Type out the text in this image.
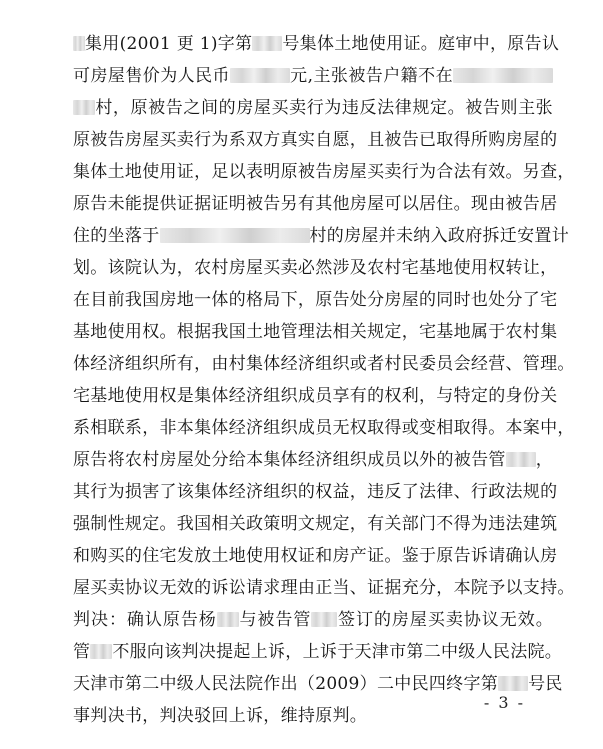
集用(2001 更 1)字第 号集体土地使用证。庭审中，原告认
可房屋售价为人民币	元,主张被告户籍不在
村，原被告之间的房屋买卖行为违反法律规定。被告则主张
原被告房屋买卖行为系双方真实自愿，且被告已取得所购房屋的
集体土地使用证，足以表明原被告房屋买卖行为合法有效。另查，
原告未能提供证据证明被告另有其他房屋可以居住。现由被告居
住的坐落于	村的房屋并未纳入政府拆迁安置计
划。该院认为，农村房屋买卖必然涉及农村宅基地使用权转让，
在目前我国房地一体的格局下，原告处分房屋的同时也处分了宅
基地使用权。根据我国土地管理法相关规定，宅基地属于农村集
体经济组织所有，由村集体经济组织或者村民委员会经营、管理。
宅基地使用权是集体经济组织成员享有的权利，与特定的身份关
系相联系，非本集体经济组织成员无权取得或变相取得。本案中，
原告将农村房屋处分给本集体经济组织成员以外的被告管 ，
其行为损害了该集体经济组织的权益，违反了法律、行政法规的
强制性规定。我国相关政策明文规定，有关部门不得为违法建筑
和购买的住宅发放土地使用权证和房产证。鉴于原告诉请确认房
屋买卖协议无效的诉讼请求理由正当、证据充分，本院予以支持。
判决：确认原告杨 与被告管 签订的房屋买卖协议无效。
管 不服向该判决提起上诉，上诉于天津市第二中级人民法院。
天津市第二中级人民法院作出（2009）二中民四终字第 号民
事判决书，判决驳回上诉，维持原判。
- 3 -
